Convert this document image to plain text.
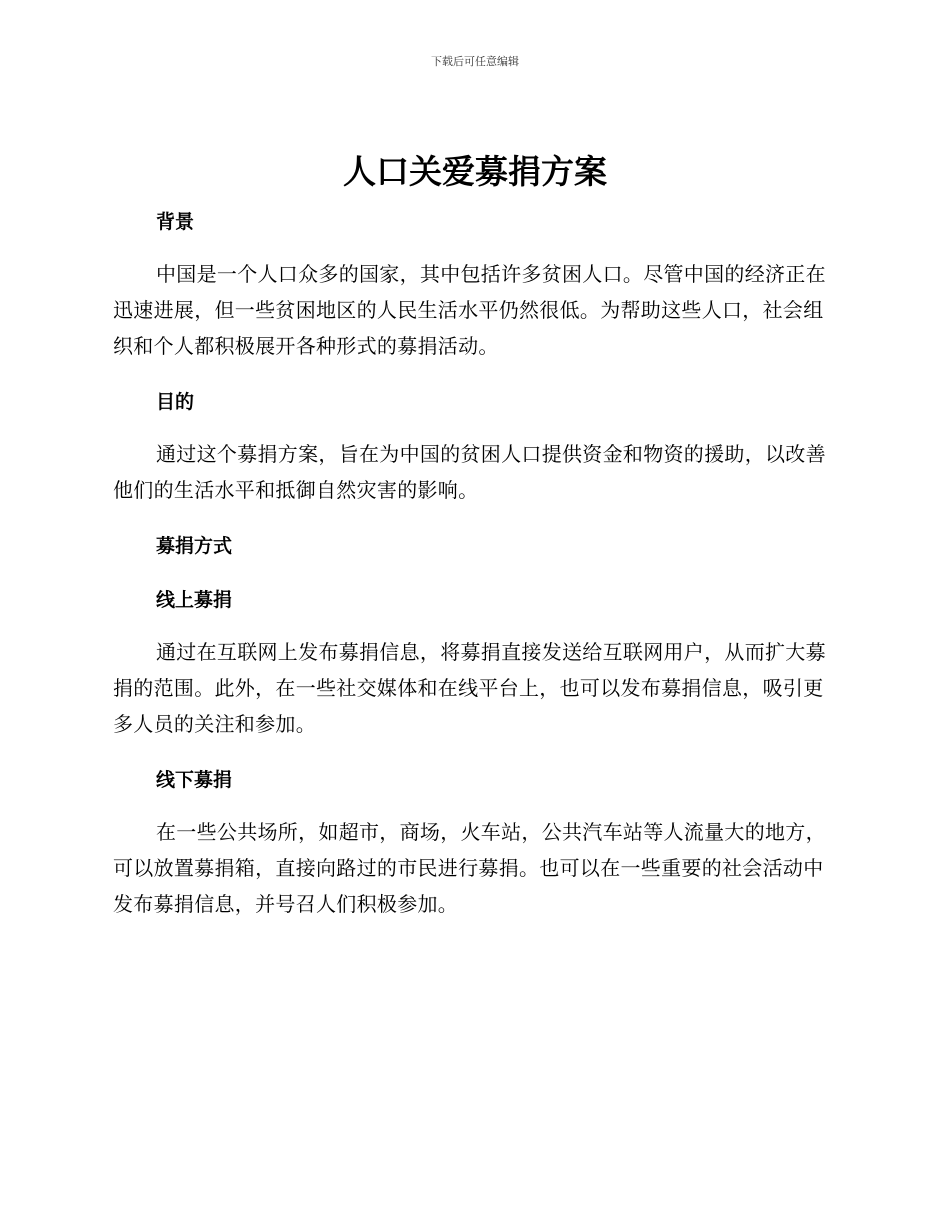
下载后可任意编辑
人口关爱募捐方案
背景

中国是一个人口众多的国家，其中包括许多贫困人口。尽管中国的经济正在迅速进展，但一些贫困地区的人民生活水平仍然很低。为帮助这些人口，社会组织和个人都积极展开各种形式的募捐活动。

目的

通过这个募捐方案，旨在为中国的贫困人口提供资金和物资的援助，以改善他们的生活水平和抵御自然灾害的影响。

募捐方式
线上募捐

通过在互联网上发布募捐信息，将募捐直接发送给互联网用户，从而扩大募捐的范围。此外，在一些社交媒体和在线平台上，也可以发布募捐信息，吸引更多人员的关注和参加。

线下募捐

在一些公共场所，如超市，商场，火车站，公共汽车站等人流量大的地方，可以放置募捐箱，直接向路过的市民进行募捐。也可以在一些重要的社会活动中发布募捐信息，并号召人们积极参加。
